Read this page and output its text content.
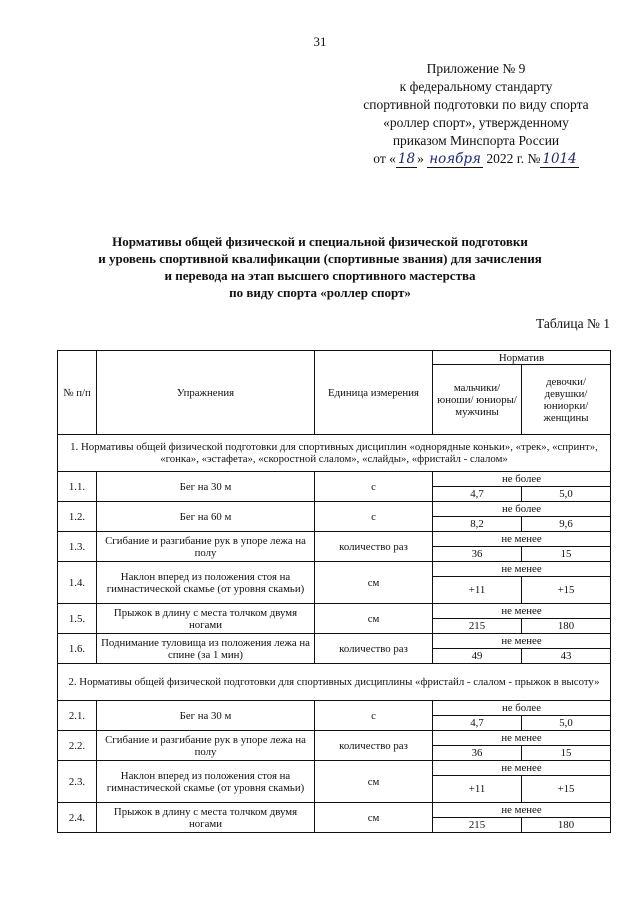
31
Приложение № 9
к федеральному стандарту
спортивной подготовки по виду спорта
«роллер спорт», утвержденному
приказом Минспорта России
от « 18 » ноября 2022 г. № 1014
Нормативы общей физической и специальной физической подготовки
и уровень спортивной квалификации (спортивные звания) для зачисления
и перевода на этап высшего спортивного мастерства
по виду спорта «роллер спорт»
Таблица № 1
№ п/п	Упражнения	Единица измерения	Норматив	
			мальчики/ юноши/ юниоры/ мужчины	девочки/ девушки/ юниорки/ женщины
1. Нормативы общей физической подготовки для спортивных дисциплин «однорядные коньки», «трек», «спринт», «гонка», «эстафета», «скоростной слалом», «слайды», «фристайл - слалом»				
1.1.	Бег на 30 м	с	не более	
			4,7	5,0
1.2.	Бег на 60 м	с	не более	
			8,2	9,6
1.3.	Сгибание и разгибание рук в упоре лежа на полу	количество раз	не менее	
			36	15
1.4.	Наклон вперед из положения стоя на гимнастической скамье (от уровня скамьи)	см	не менее	
			+11	+15
1.5.	Прыжок в длину с места толчком двумя ногами	см	не менее	
			215	180
1.6.	Поднимание туловища из положения лежа на спине (за 1 мин)	количество раз	не менее	
			49	43
2. Нормативы общей физической подготовки для спортивных дисциплины «фристайл - слалом - прыжок в высоту»				
2.1.	Бег на 30 м	с	не более	
			4,7	5,0
2.2.	Сгибание и разгибание рук в упоре лежа на полу	количество раз	не менее	
			36	15
2.3.	Наклон вперед из положения стоя на гимнастической скамье (от уровня скамьи)	см	не менее	
			+11	+15
2.4.	Прыжок в длину с места толчком двумя ногами	см	не менее	
			215	180
